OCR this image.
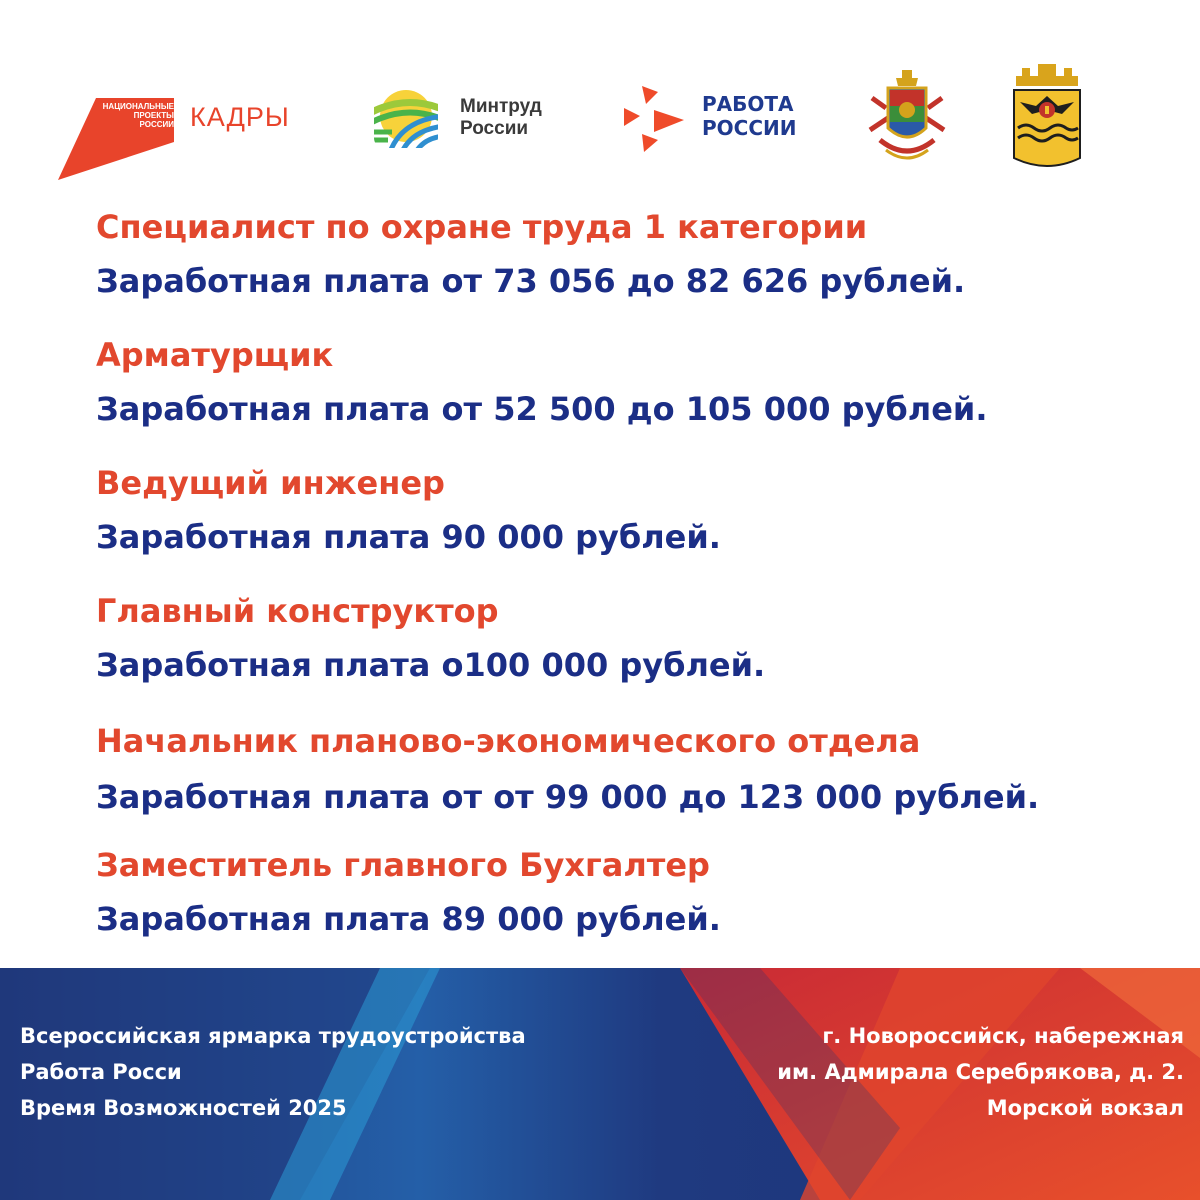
НАЦИОНАЛЬНЫЕ
ПРОЕКТЫ
РОССИИ КАДРЫ	Минтруд
России
РАБОТА
РОССИИ
Специалист по охране труда 1 категории
Заработная плата от 73 056 до 82 626 рублей.
Арматурщик
Заработная плата от 52 500 до 105 000 рублей.
Ведущий инженер
Заработная плата 90 000 рублей.
Главный конструктор
Заработная плата о100 000 рублей.
Начальник планово-экономического отдела
Заработная плата от от 99 000 до 123 000 рублей.
Заместитель главного Бухгалтер
Заработная плата 89 000 рублей.
Всероссийская ярмарка трудоустройства
Работа Росси
Время Возможностей 2025
г. Новороссийск, набережная
им. Адмирала Серебрякова, д. 2.
Морской вокзал
